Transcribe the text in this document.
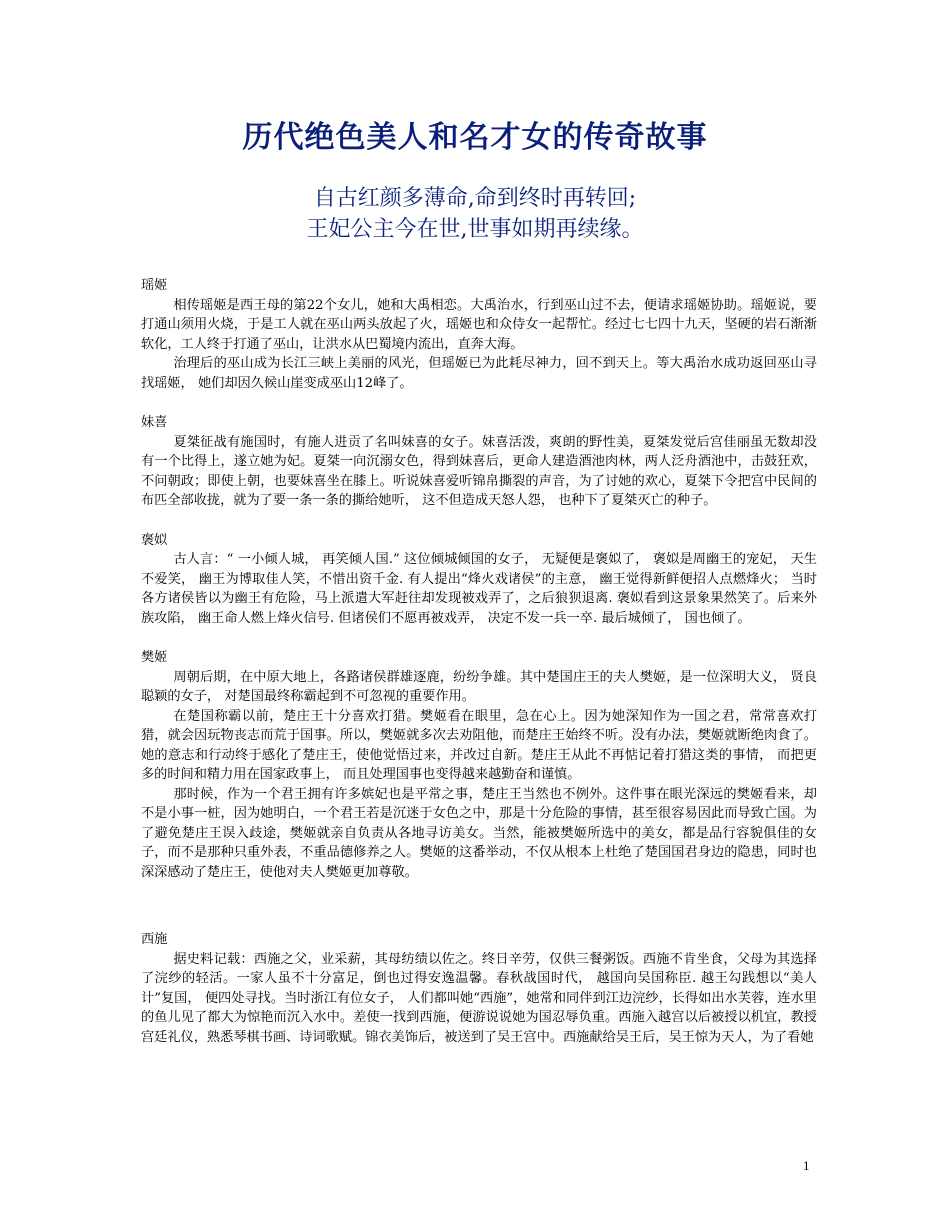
历代绝色美人和名才女的传奇故事
自古红颜多薄命,命到终时再转回;
王妃公主今在世,世事如期再续缘。
瑶姬

相传瑶姬是西王母的第22个女儿，她和大禹相恋。大禹治水，行到巫山过不去，便请求瑶姬协助。瑶姬说，要打通山须用火烧，于是工人就在巫山两头放起了火，瑶姬也和众侍女一起帮忙。经过七七四十九天，坚硬的岩石渐渐软化，工人终于打通了巫山，让洪水从巴蜀境内流出，直奔大海。

治理后的巫山成为长江三峡上美丽的风光，但瑶姬已为此耗尽神力，回不到天上。等大禹治水成功返回巫山寻找瑶姬， 她们却因久候山崖变成巫山12峰了。

妹喜

夏桀征战有施国时，有施人进贡了名叫妹喜的女子。妹喜活泼，爽朗的野性美，夏桀发觉后宫佳丽虽无数却没有一个比得上，遂立她为妃。夏桀一向沉溺女色，得到妹喜后，更命人建造酒池肉林，两人泛舟酒池中，击鼓狂欢，不问朝政；即使上朝，也要妹喜坐在膝上。听说妹喜爱听锦帛撕裂的声音，为了讨她的欢心，夏桀下令把宫中民间的布匹全部收拢，就为了要一条一条的撕给她听， 这不但造成天怒人怨， 也种下了夏桀灭亡的种子。

褒姒

古人言：“ 一小倾人城， 再笑倾人国.” 这位倾城倾国的女子， 无疑便是褒姒了， 褒姒是周幽王的宠妃， 天生不爱笑， 幽王为博取佳人笑，不惜出资千金. 有人提出“烽火戏诸侯”的主意， 幽王觉得新鲜便招人点燃烽火； 当时各方诸侯皆以为幽王有危险，马上派遣大军赶往却发现被戏弄了，之后狼狈退离. 褒姒看到这景象果然笑了。后来外族攻陷， 幽王命人燃上烽火信号. 但诸侯们不愿再被戏弄， 决定不发一兵一卒. 最后城倾了， 国也倾了。

樊姬

周朝后期，在中原大地上，各路诸侯群雄逐鹿，纷纷争雄。其中楚国庄王的夫人樊姬，是一位深明大义， 贤良聪颖的女子， 对楚国最终称霸起到不可忽视的重要作用。

在楚国称霸以前，楚庄王十分喜欢打猎。樊姬看在眼里，急在心上。因为她深知作为一国之君，常常喜欢打猎，就会因玩物丧志而荒于国事。所以，樊姬就多次去劝阻他，而楚庄王始终不听。没有办法，樊姬就断绝肉食了。她的意志和行动终于感化了楚庄王，使他觉悟过来，并改过自新。楚庄王从此不再惦记着打猎这类的事情， 而把更多的时间和精力用在国家政事上， 而且处理国事也变得越来越勤奋和谨慎。

那时候，作为一个君王拥有许多嫔妃也是平常之事，楚庄王当然也不例外。这件事在眼光深远的樊姬看来，却不是小事一桩，因为她明白，一个君王若是沉迷于女色之中，那是十分危险的事情，甚至很容易因此而导致亡国。为了避免楚庄王误入歧途，樊姬就亲自负责从各地寻访美女。当然，能被樊姬所选中的美女，都是品行容貌俱佳的女子，而不是那种只重外表，不重品德修养之人。樊姬的这番举动，不仅从根本上杜绝了楚国国君身边的隐患，同时也深深感动了楚庄王，使他对夫人樊姬更加尊敬。

西施

据史料记载：西施之父，业采薪，其母纺绩以佐之。终日辛劳，仅供三餐粥饭。西施不肯坐食，父母为其选择了浣纱的轻活。一家人虽不十分富足，倒也过得安逸温馨。春秋战国时代， 越国向吴国称臣. 越王勾践想以“美人计”复国， 便四处寻找。当时浙江有位女子， 人们都叫她“西施”，她常和同伴到江边浣纱，长得如出水芙蓉，连水里的鱼儿见了都大为惊艳而沉入水中。差使一找到西施，便游说说她为国忍辱负重。西施入越宫以后被授以机宜，教授宫廷礼仪，熟悉琴棋书画、诗词歌赋。锦衣美饰后，被送到了吴王宫中。西施献给吴王后，吴王惊为天人，为了看她

1
